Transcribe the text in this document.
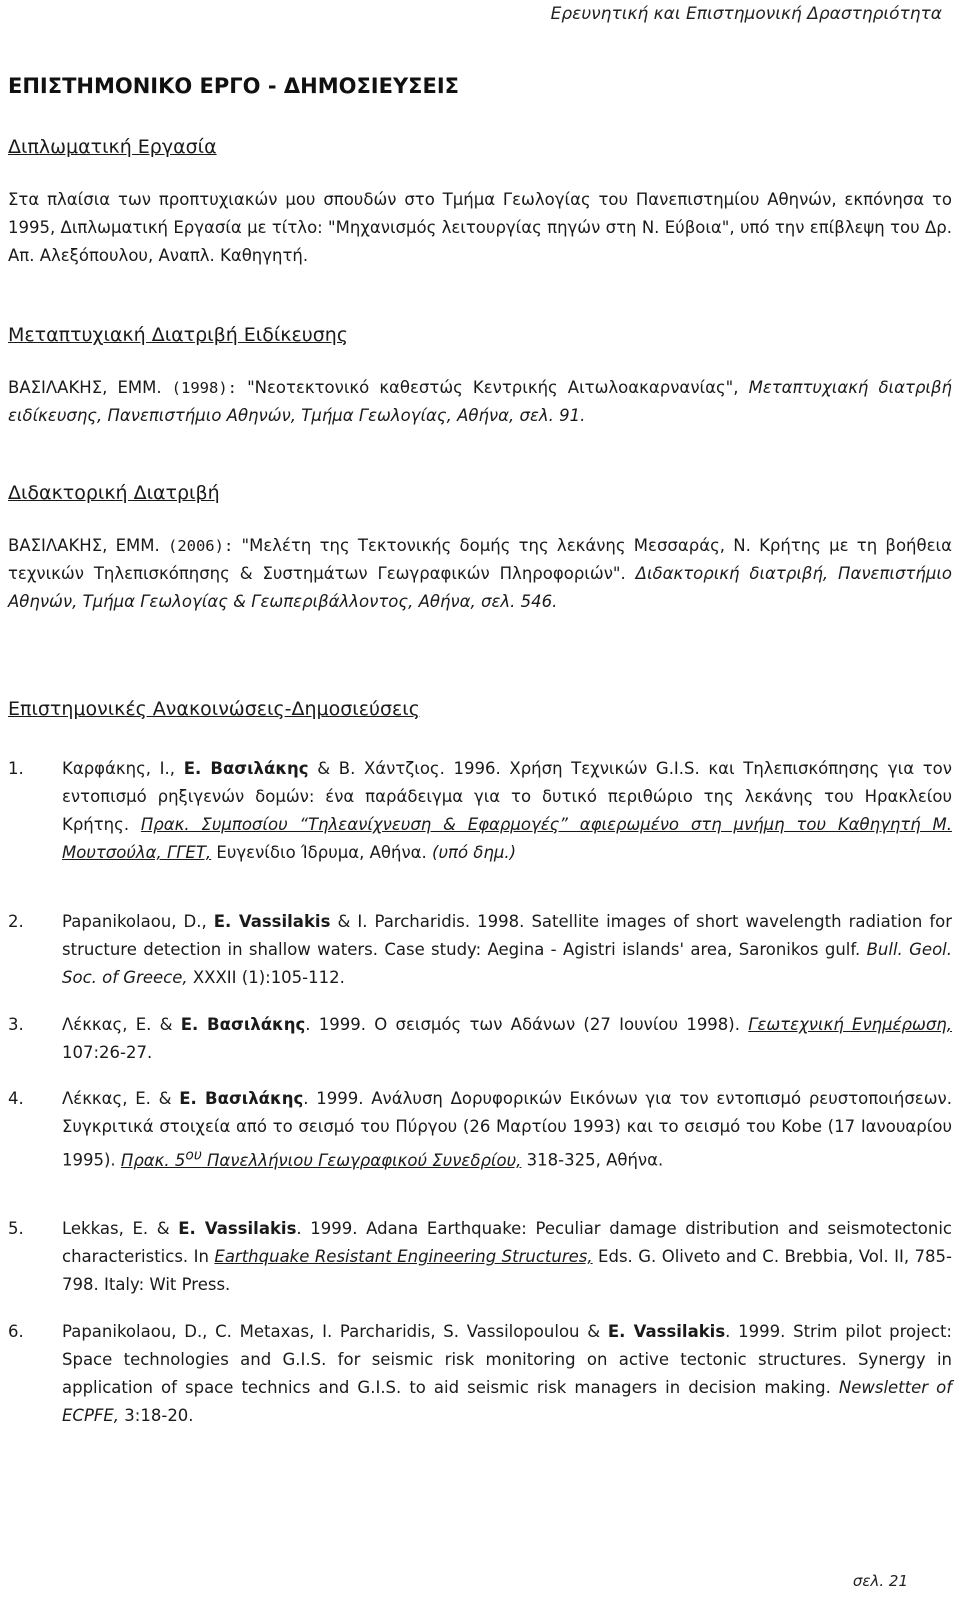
Ερευνητική και Επιστημονική Δραστηριότητα
ΕΠΙΣΤΗΜΟΝΙΚΟ ΕΡΓΟ - ΔΗΜΟΣΙΕΥΣΕΙΣ
Διπλωματική Εργασία

Στα πλαίσια των προπτυχιακών μου σπουδών στο Τμήμα Γεωλογίας του Πανεπιστημίου Αθηνών, εκπόνησα το 1995, Διπλωματική Εργασία με τίτλο: "Μηχανισμός λειτουργίας πηγών στη Ν. Εύβοια", υπό την επίβλεψη του Δρ. Απ. Αλεξόπουλου, Αναπλ. Καθηγητή.

Μεταπτυχιακή Διατριβή Ειδίκευσης

ΒΑΣΙΛΑΚΗΣ, ΕΜΜ. (1998): "Νεοτεκτονικό καθεστώς Κεντρικής Αιτωλοακαρνανίας", Μεταπτυχιακή διατριβή ειδίκευσης, Πανεπιστήμιο Αθηνών, Τμήμα Γεωλογίας, Αθήνα, σελ. 91.

Διδακτορική Διατριβή

ΒΑΣΙΛΑΚΗΣ, ΕΜΜ. (2006): "Μελέτη της Τεκτονικής δομής της λεκάνης Μεσσαράς, Ν. Κρήτης με τη βοήθεια τεχνικών Τηλεπισκόπησης & Συστημάτων Γεωγραφικών Πληροφοριών". Διδακτορική διατριβή, Πανεπιστήμιο Αθηνών, Τμήμα Γεωλογίας & Γεωπεριβάλλοντος, Αθήνα, σελ. 546.

Επιστημονικές Ανακοινώσεις-Δημοσιεύσεις

1. Καρφάκης, Ι., Ε. Βασιλάκης & Β. Χάντζιος. 1996. Χρήση Τεχνικών G.I.S. και Τηλεπισκόπησης για τον εντοπισμό ρηξιγενών δομών: ένα παράδειγμα για το δυτικό περιθώριο της λεκάνης του Ηρακλείου Κρήτης. Πρακ. Συμποσίου “Τηλεανίχνευση & Εφαρμογές” αφιερωμένο στη μνήμη του Καθηγητή Μ. Μουτσούλα, ΓΓΕΤ, Ευγενίδιο Ίδρυμα, Αθήνα. (υπό δημ.)

2. Papanikolaou, D., E. Vassilakis & I. Parcharidis. 1998. Satellite images of short wavelength radiation for structure detection in shallow waters. Case study: Aegina - Agistri islands' area, Saronikos gulf. Bull. Geol. Soc. of Greece, XXXII (1):105-112.

3. Λέκκας, Ε. & Ε. Βασιλάκης. 1999. Ο σεισμός των Αδάνων (27 Ιουνίου 1998). Γεωτεχνική Ενημέρωση, 107:26-27.

4. Λέκκας, Ε. & Ε. Βασιλάκης. 1999. Ανάλυση Δορυφορικών Εικόνων για τον εντοπισμό ρευστοποιήσεων. Συγκριτικά στοιχεία από το σεισμό του Πύργου (26 Μαρτίου 1993) και το σεισμό του Kobe (17 Ιανουαρίου 1995). Πρακ. $5^{o\upsilon}$ Πανελλήνιου Γεωγραφικού Συνεδρίου, 318-325, Αθήνα.

5. Lekkas, E. & E. Vassilakis. 1999. Adana Earthquake: Peculiar damage distribution and seismotectonic characteristics. In Earthquake Resistant Engineering Structures, Eds. G. Oliveto and C. Brebbia, Vol. II, 785-798. Italy: Wit Press.

6. Papanikolaou, D., C. Metaxas, I. Parcharidis, S. Vassilopoulou & E. Vassilakis. 1999. Strim pilot project: Space technologies and G.I.S. for seismic risk monitoring on active tectonic structures. Synergy in application of space technics and G.I.S. to aid seismic risk managers in decision making. Newsletter of ECPFE, 3:18-20.

σελ. 21
